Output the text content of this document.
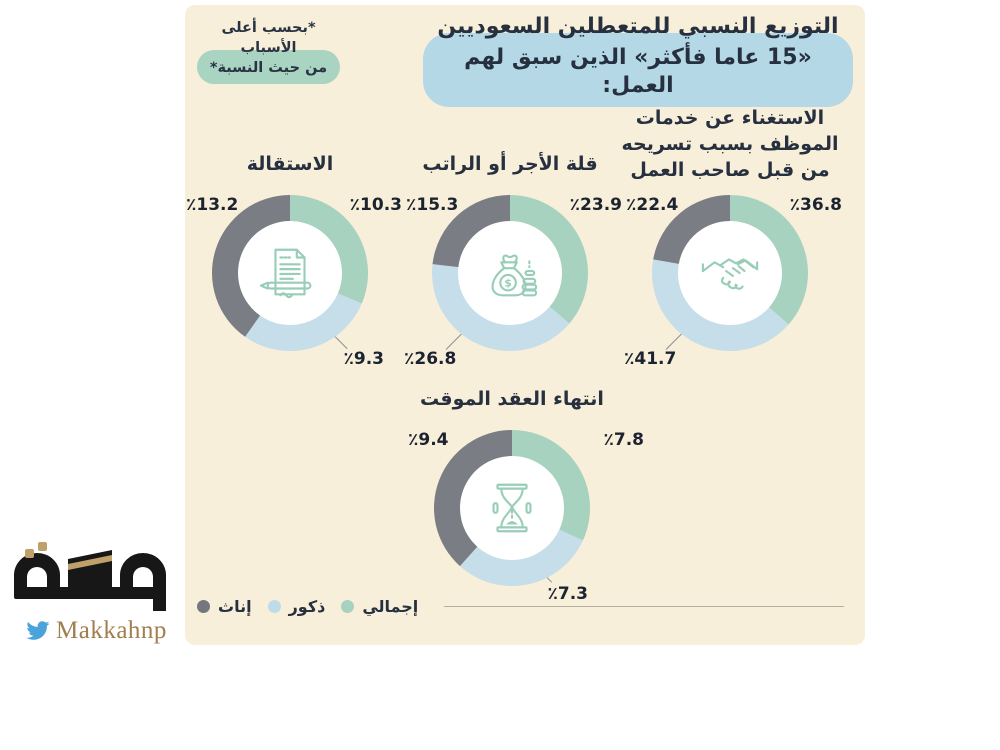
*بحسب أعلى الأسباب
من حيث النسبة*
التوزيع النسبي للمتعطلين السعوديين
«15 عاما فأكثر» الذين سبق لهم العمل:
الاستقالة
٪13.2	٪10.3
٪9.3
قلة الأجر أو الراتب
$
٪15.3	٪23.9
٪26.8
الاستغناء عن خدمات
الموظف بسبب تسريحه
من قبل صاحب العمل
٪22.4	٪36.8
٪41.7
انتهاء العقد الموقت
٪9.4	٪7.8
٪7.3
إناث ذكور إجمالي
Makkahnp
